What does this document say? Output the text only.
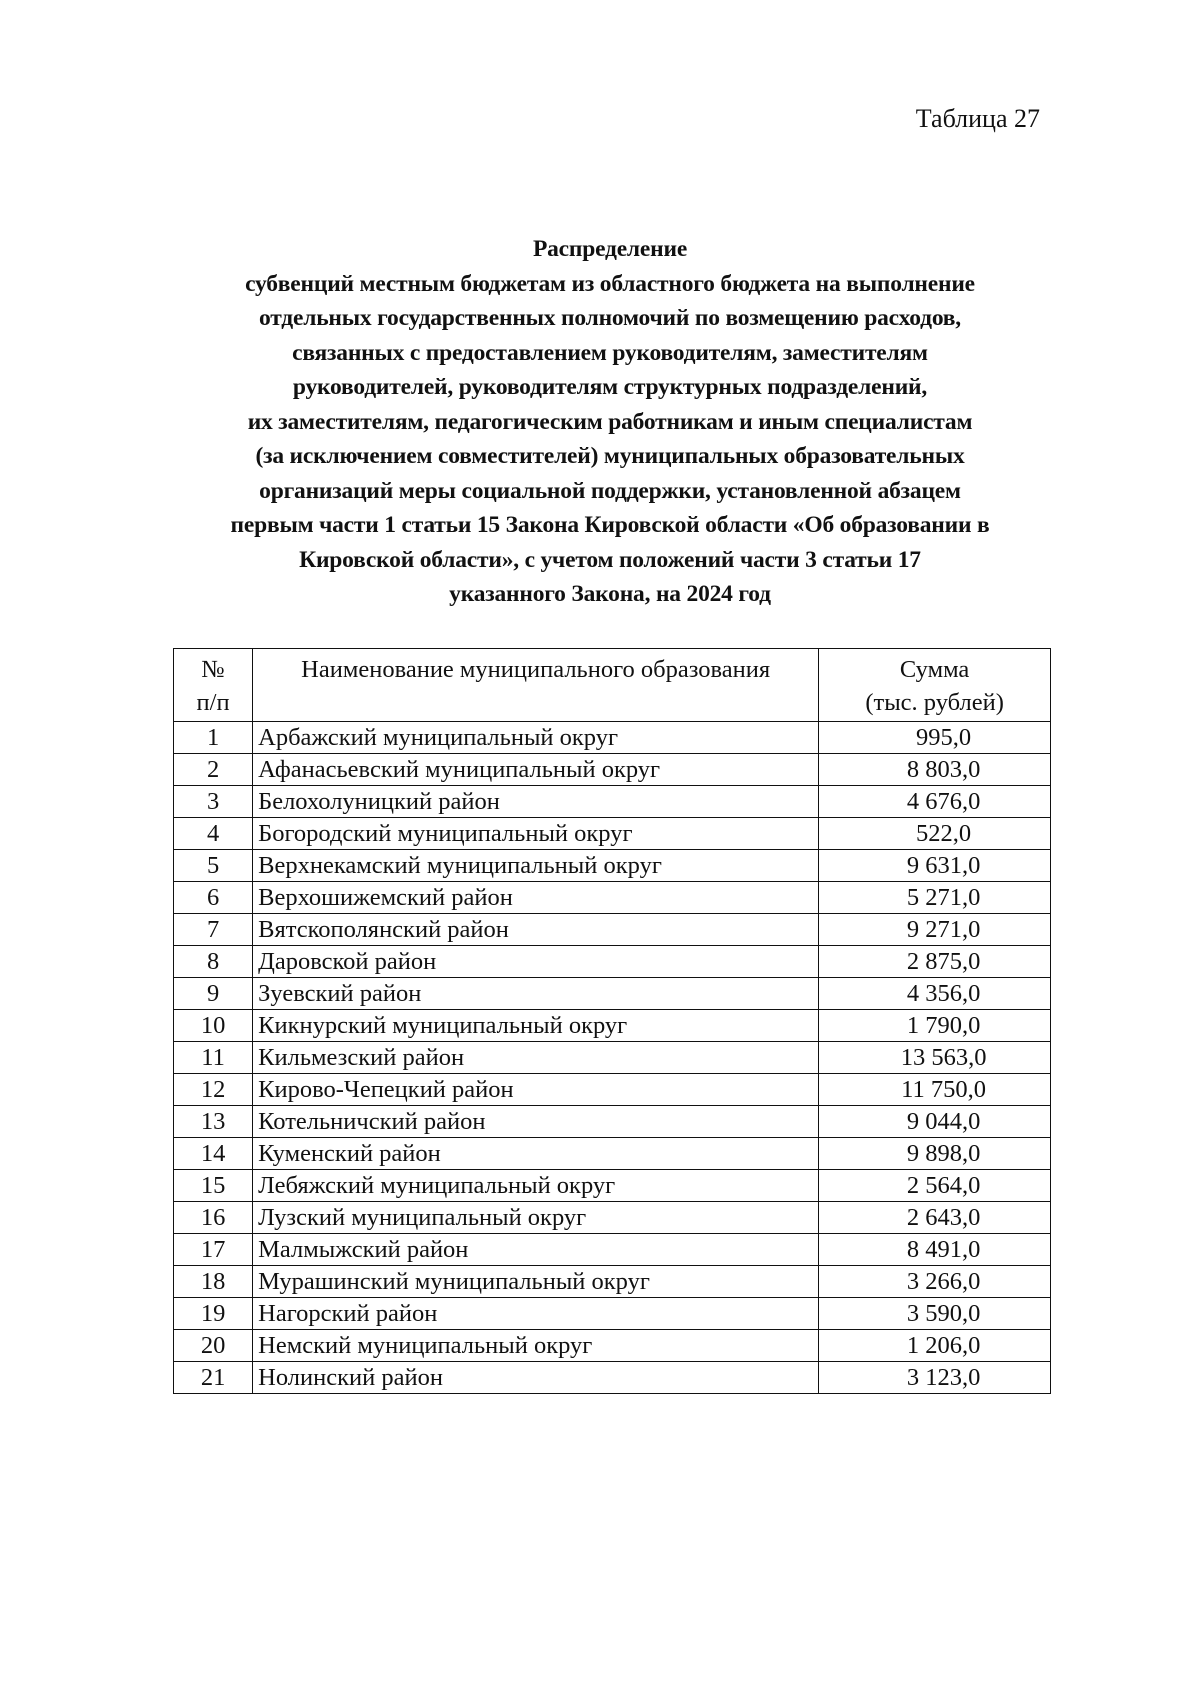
Таблица 27
Распределение
субвенций местным бюджетам из областного бюджета на выполнение
отдельных государственных полномочий по возмещению расходов,
связанных с предоставлением руководителям, заместителям
руководителей, руководителям структурных подразделений,
их заместителям, педагогическим работникам и иным специалистам
(за исключением совместителей) муниципальных образовательных
организаций меры социальной поддержки, установленной абзацем
первым части 1 статьи 15 Закона Кировской области «Об образовании в
Кировской области», с учетом положений части 3 статьи 17
указанного Закона, на 2024 год
№
п/п
	Наименование муниципального образования	Сумма
(тыс. рублей)

1	Арбажский муниципальный округ	995,0
2	Афанасьевский муниципальный округ	8 803,0
3	Белохолуницкий район	4 676,0
4	Богородский муниципальный округ	522,0
5	Верхнекамский муниципальный округ	9 631,0
6	Верхошижемский район	5 271,0
7	Вятскополянский район	9 271,0
8	Даровской район	2 875,0
9	Зуевский район	4 356,0
10	Кикнурский муниципальный округ	1 790,0
11	Кильмезский район	13 563,0
12	Кирово-Чепецкий район	11 750,0
13	Котельничский район	9 044,0
14	Куменский район	9 898,0
15	Лебяжский муниципальный округ	2 564,0
16	Лузский муниципальный округ	2 643,0
17	Малмыжский район	8 491,0
18	Мурашинский муниципальный округ	3 266,0
19	Нагорский район	3 590,0
20	Немский муниципальный округ	1 206,0
21	Нолинский район	3 123,0
